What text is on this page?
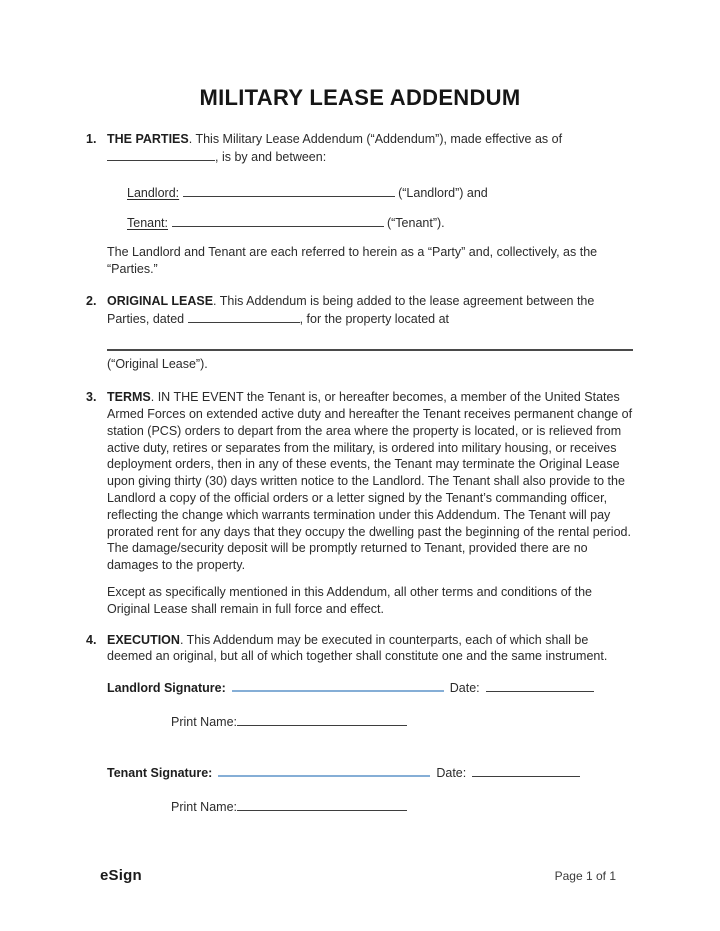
MILITARY LEASE ADDENDUM
1. THE PARTIES. This Military Lease Addendum (“Addendum”), made effective as of , is by and between:

Landlord:	(“Landlord”) and

Tenant:	(“Tenant”).

The Landlord and Tenant are each referred to herein as a “Party” and, collectively, as the “Parties.”

2. ORIGINAL LEASE. This Addendum is being added to the lease agreement between the Parties, dated	, for the property located at

(“Original Lease”).

3. TERMS. IN THE EVENT the Tenant is, or hereafter becomes, a member of the United States Armed Forces on extended active duty and hereafter the Tenant receives permanent change of station (PCS) orders to depart from the area where the property is located, or is relieved from active duty, retires or separates from the military, is ordered into military housing, or receives deployment orders, then in any of these events, the Tenant may terminate the Original Lease upon giving thirty (30) days written notice to the Landlord. The Tenant shall also provide to the Landlord a copy of the official orders or a letter signed by the Tenant’s commanding officer, reflecting the change which warrants termination under this Addendum. The Tenant will pay prorated rent for any days that they occupy the dwelling past the beginning of the rental period. The damage/security deposit will be promptly returned to Tenant, provided there are no damages to the property.

Except as specifically mentioned in this Addendum, all other terms and conditions of the Original Lease shall remain in full force and effect.

4. EXECUTION. This Addendum may be executed in counterparts, each of which shall be deemed an original, but all of which together shall constitute one and the same instrument.

Landlord Signature:	Date:

Print Name:

Tenant Signature:	Date:

Print Name:

eSign	Page 1 of 1
